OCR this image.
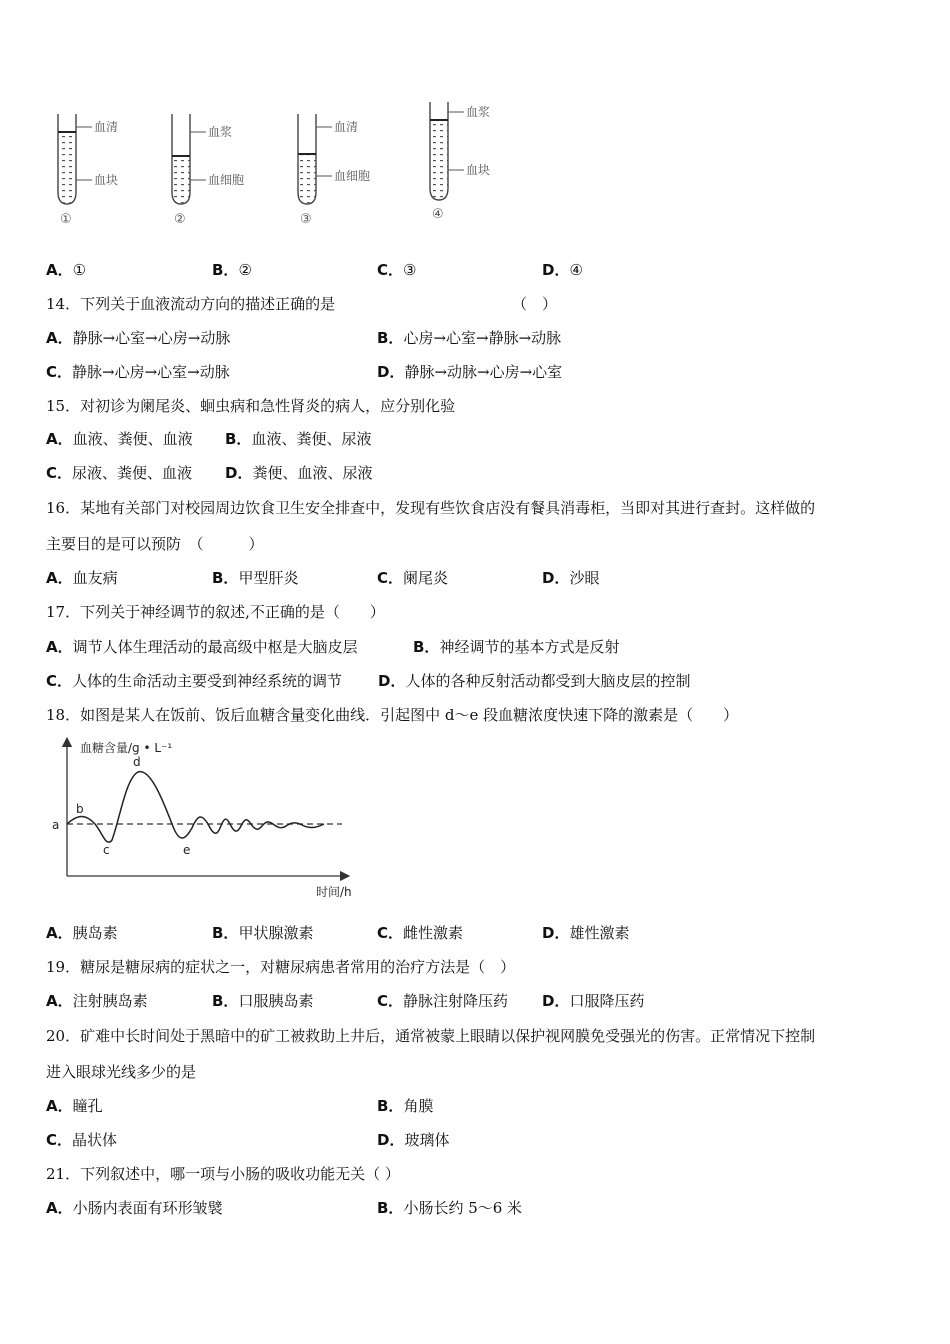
血清
血块
①
血浆
血细胞
②
血清
血细胞
③
血浆
血块
④
A．①	B．②	C．③	D．④
14．下列关于血液流动方向的描述正确的是	（　）
A．静脉→心室→心房→动脉	B．心房→心室→静脉→动脉
C．静脉→心房→心室→动脉	D．静脉→动脉→心房→心室
15．对初诊为阑尾炎、蛔虫病和急性肾炎的病人，应分别化验
A．血液、粪便、血液 B．血液、粪便、尿液
C．尿液、粪便、血液 D．粪便、血液、尿液
16．某地有关部门对校园周边饮食卫生安全排查中，发现有些饮食店没有餐具消毒柜，当即对其进行查封。这样做的
主要目的是可以预防　（　　　）
A．血友病	B．甲型肝炎	C．阑尾炎	D．沙眼
17．下列关于神经调节的叙述,不正确的是（　　）
A．调节人体生理活动的最高级中枢是大脑皮层	B．神经调节的基本方式是反射
C．人体的生命活动主要受到神经系统的调节 D．人体的各种反射活动都受到大脑皮层的控制
18．如图是某人在饭前、饭后血糖含量变化曲线．引起图中 d～e 段血糖浓度快速下降的激素是（　　）
血糖含量/g • L⁻¹
时间/h
a
b
c
d
e
A．胰岛素	B．甲状腺激素	C．雌性激素	D．雄性激素
19．糖尿是糖尿病的症状之一，对糖尿病患者常用的治疗方法是（　）
A．注射胰岛素	B．口服胰岛素	C．静脉注射降压药 D．口服降压药
20．矿难中长时间处于黑暗中的矿工被救助上井后，通常被蒙上眼睛以保护视网膜免受强光的伤害。正常情况下控制
进入眼球光线多少的是
A．瞳孔	B．角膜
C．晶状体	D．玻璃体
21．下列叙述中，哪一项与小肠的吸收功能无关（ ）
A．小肠内表面有环形皱襞	B．小肠长约 5～6 米
